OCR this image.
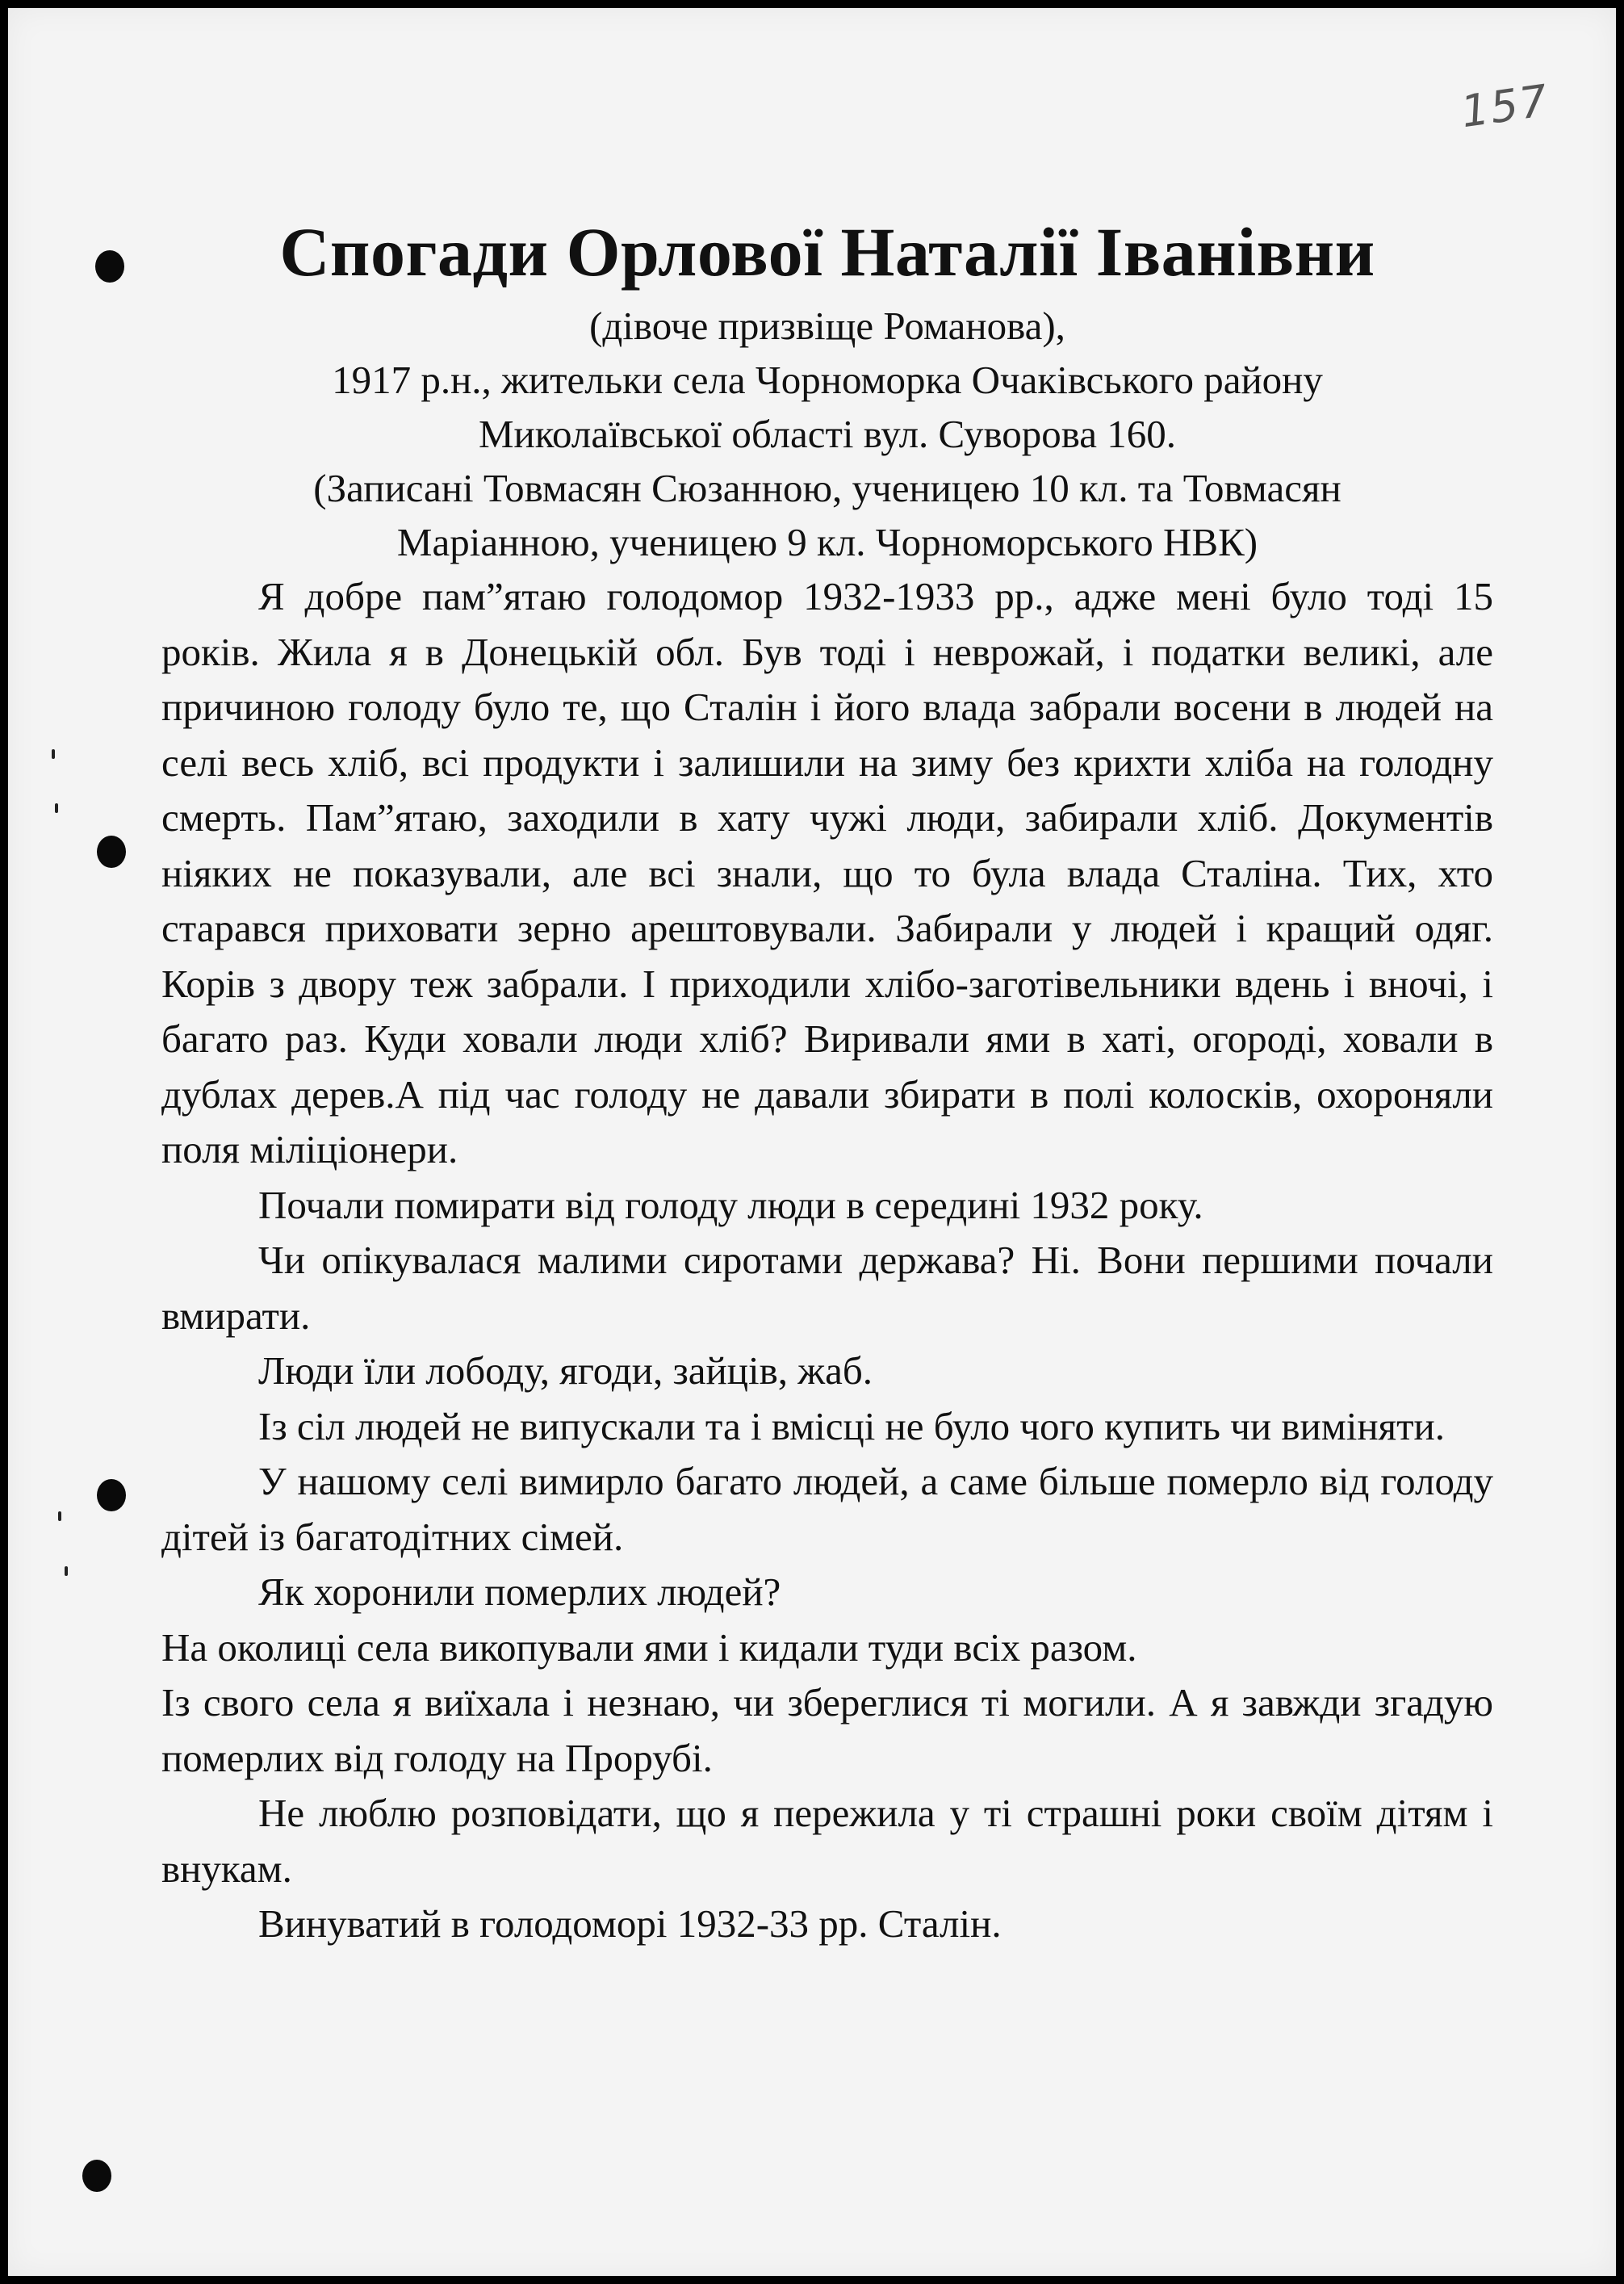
157
Спогади Орлової Наталії Іванівни
(дівоче призвіще Романова),
1917 р.н., жительки села Чорноморка Очаківського району
Миколаївської області вул. Суворова 160.
(Записані Товмасян Сюзанною, ученицею 10 кл. та Товмасян
Маріанною, ученицею 9 кл. Чорноморського НВК)

Я добре пам”ятаю голодомор 1932-1933 рр., адже мені було тоді 15 років. Жила я в Донецькій обл. Був тоді і неврожай, і податки великі, але причиною голоду було те, що Сталін і його влада забрали восени в людей на селі весь хліб, всі продукти і залишили на зиму без крихти хліба на голодну смерть. Пам”ятаю, заходили в хату чужі люди, забирали хліб. Документів ніяких не показували, але всі знали, що то була влада Сталіна. Тих, хто старався приховати зерно арештовували. Забирали у людей і кращий одяг. Корів з двору теж забрали. І приходили хлібо-заготівельники вдень і вночі, і багато раз. Куди ховали люди хліб? Виривали ями в хаті, огороді, ховали в дублах дерев.А під час голоду не давали збирати в полі колосків, охороняли поля міліціонери.

Почали помирати від голоду люди в середині 1932 року.

Чи опікувалася малими сиротами держава? Ні. Вони першими почали вмирати.

Люди їли лободу, ягоди, зайців, жаб.

Із сіл людей не випускали та і вмісці не було чого купить чи виміняти.

У нашому селі вимирло багато людей, а саме більше померло від голоду дітей із багатодітних сімей.

Як хоронили померлих людей?

На околиці села викопували ями і кидали туди всіх разом.

Із свого села я виїхала і незнаю, чи збереглися ті могили. А я завжди згадую померлих від голоду на Прорубі.

Не люблю розповідати, що я пережила у ті страшні роки своїм дітям і внукам.

Винуватий в голодоморі 1932-33 рр. Сталін.
